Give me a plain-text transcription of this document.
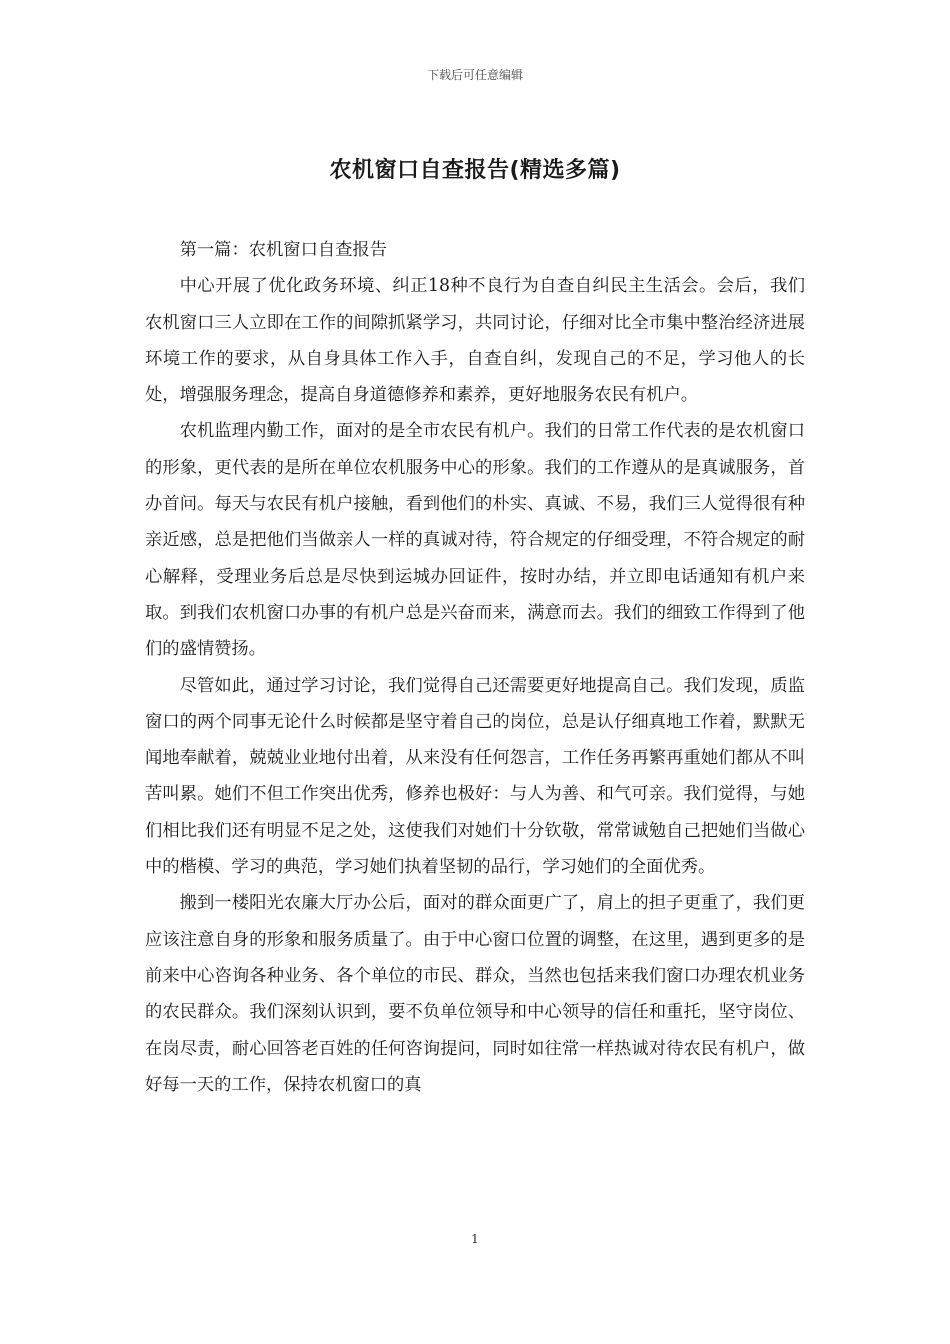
下载后可任意编辑
农机窗口自查报告(精选多篇)

第一篇：农机窗口自查报告

中心开展了优化政务环境、纠正18种不良行为自查自纠民主生活会。会后，我们农机窗口三人立即在工作的间隙抓紧学习，共同讨论，仔细对比全市集中整治经济进展环境工作的要求，从自身具体工作入手，自查自纠，发现自己的不足，学习他人的长处，增强服务理念，提高自身道德修养和素养，更好地服务农民有机户。

农机监理内勤工作，面对的是全市农民有机户。我们的日常工作代表的是农机窗口的形象，更代表的是所在单位农机服务中心的形象。我们的工作遵从的是真诚服务，首办首问。每天与农民有机户接触，看到他们的朴实、真诚、不易，我们三人觉得很有种亲近感，总是把他们当做亲人一样的真诚对待，符合规定的仔细受理，不符合规定的耐心解释，受理业务后总是尽快到运城办回证件，按时办结，并立即电话通知有机户来取。到我们农机窗口办事的有机户总是兴奋而来，满意而去。我们的细致工作得到了他们的盛情赞扬。

尽管如此，通过学习讨论，我们觉得自己还需要更好地提高自己。我们发现，质监窗口的两个同事无论什么时候都是坚守着自己的岗位，总是认仔细真地工作着，默默无闻地奉献着，兢兢业业地付出着，从来没有任何怨言，工作任务再繁再重她们都从不叫苦叫累。她们不但工作突出优秀，修养也极好：与人为善、和气可亲。我们觉得，与她们相比我们还有明显不足之处，这使我们对她们十分钦敬，常常诚勉自己把她们当做心中的楷模、学习的典范，学习她们执着坚韧的品行，学习她们的全面优秀。

搬到一楼阳光农廉大厅办公后，面对的群众面更广了，肩上的担子更重了，我们更应该注意自身的形象和服务质量了。由于中心窗口位置的调整，在这里，遇到更多的是前来中心咨询各种业务、各个单位的市民、群众，当然也包括来我们窗口办理农机业务的农民群众。我们深刻认识到，要不负单位领导和中心领导的信任和重托，坚守岗位、在岗尽责，耐心回答老百姓的任何咨询提问，同时如往常一样热诚对待农民有机户，做好每一天的工作，保持农机窗口的真

1
